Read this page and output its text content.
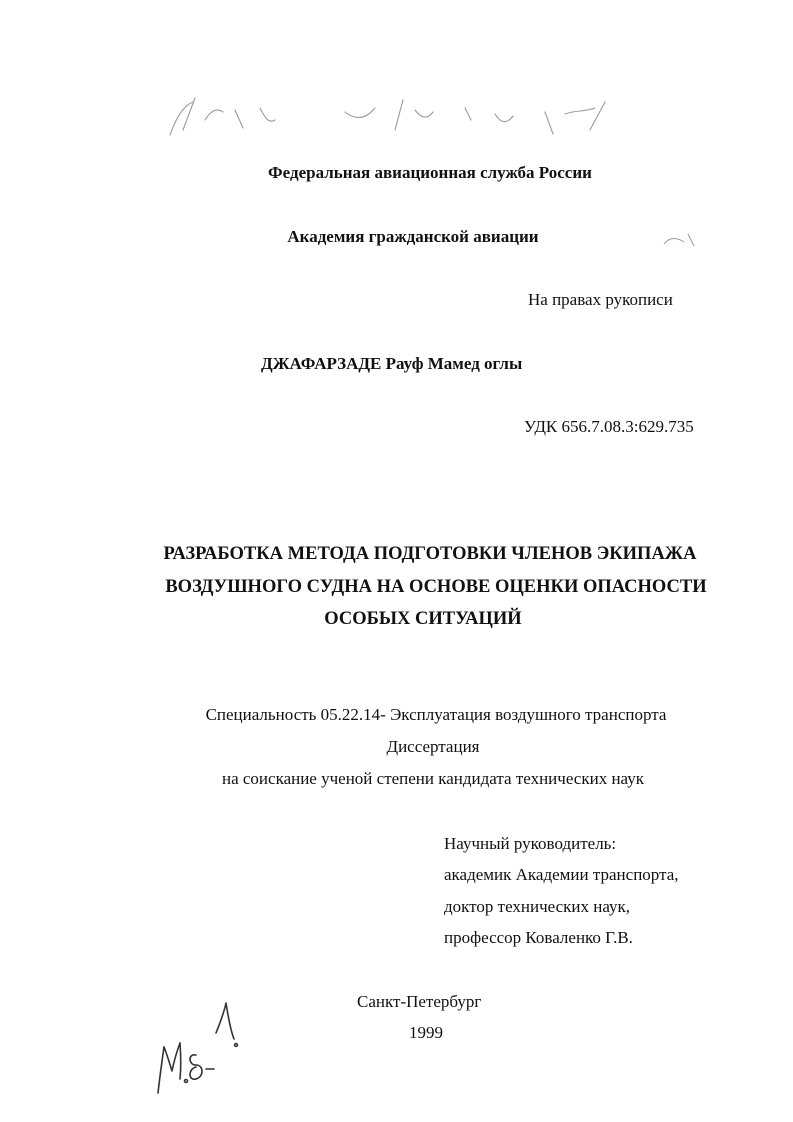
Федеральная авиационная служба России
Академия гражданской авиации
На правах рукописи
ДЖАФАРЗАДЕ Рауф Мамед оглы
УДК 656.7.08.3:629.735
РАЗРАБОТКА МЕТОДА ПОДГОТОВКИ ЧЛЕНОВ ЭКИПАЖА
ВОЗДУШНОГО СУДНА НА ОСНОВЕ ОЦЕНКИ ОПАСНОСТИ
ОСОБЫХ СИТУАЦИЙ
Специальность 05.22.14- Эксплуатация воздушного транспорта
Диссертация
на соискание ученой степени кандидата технических наук
Научный руководитель:
академик Академии транспорта,
доктор технических наук,
профессор Коваленко Г.В.
Санкт-Петербург
1999
